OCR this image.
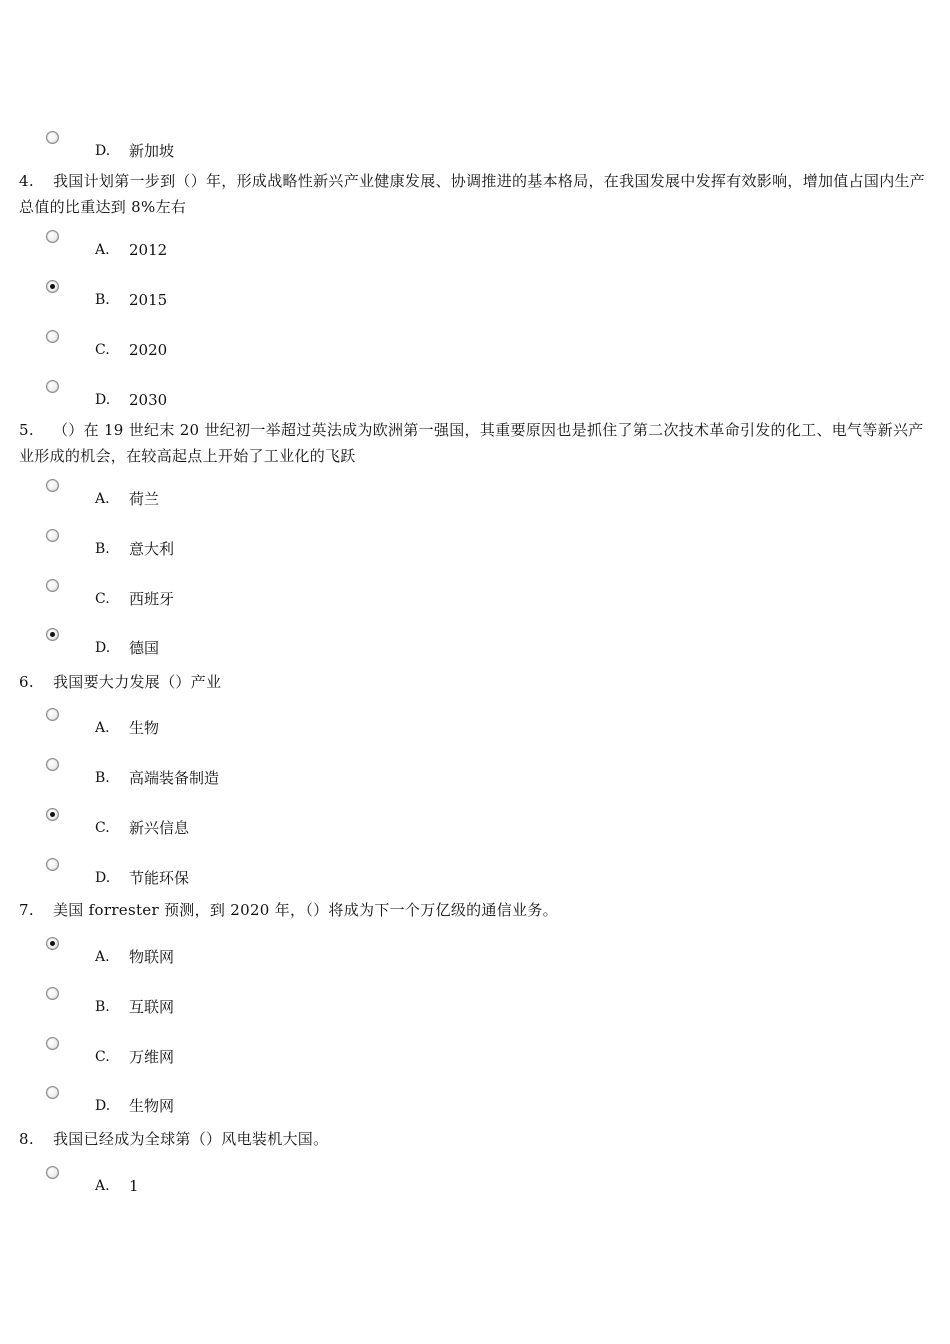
D. 新加坡
4. 我国计划第一步到（）年，形成战略性新兴产业健康发展、协调推进的基本格局，在我国发展中发挥有效影响，增加值占国内生产总值的比重达到 8%左右
A. 2012
B. 2015
C. 2020
D. 2030
5. （）在 19 世纪末 20 世纪初一举超过英法成为欧洲第一强国，其重要原因也是抓住了第二次技术革命引发的化工、电气等新兴产业形成的机会，在较高起点上开始了工业化的飞跃
A. 荷兰
B. 意大利
C. 西班牙
D. 德国
6. 我国要大力发展（）产业
A. 生物
B. 高端装备制造
C. 新兴信息
D. 节能环保
7. 美国 forrester 预测，到 2020 年，（）将成为下一个万亿级的通信业务。
A. 物联网
B. 互联网
C. 万维网
D. 生物网
8. 我国已经成为全球第（）风电装机大国。
A. 1
